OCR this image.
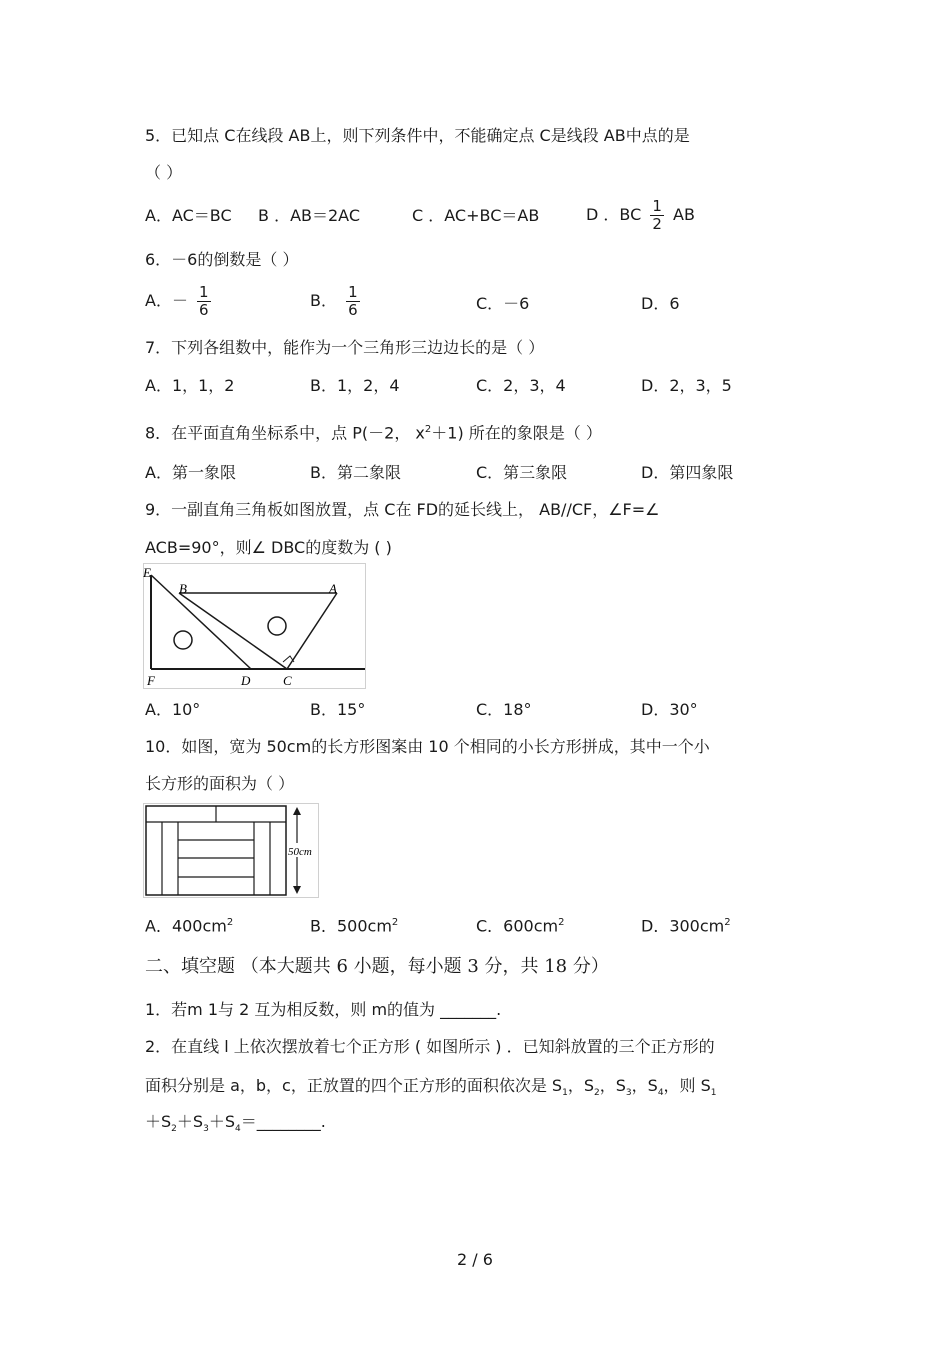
5．已知点 C在线段 AB上，则下列条件中，不能确定点 C是线段 AB中点的是
（ ）
A．AC＝BC B ．AB＝2AC	C ．AC+BC＝AB	D ．BC $\frac{1}{2}$ AB
6．－6的倒数是（ ）
A．－ $\frac{1}{6}$	B． $\frac{1}{6}$	C．－6	D．6
7．下列各组数中，能作为一个三角形三边边长的是（ ）
A．1，1，2	B．1，2，4	C．2，3，4	D．2，3，5
8．在平面直角坐标系中，点 P(－2， $x^2+1$) 所在的象限是（ ）
A．第一象限	B．第二象限	C．第三象限	D．第四象限
9．一副直角三角板如图放置，点 C在 FD的延长线上， AB//CF，∠F=∠
ACB=90°，则∠ DBC的度数为 ( )
E
B	A
F	D	C
A．10°	B．15°	C．18°	D．30°
10．如图，宽为 50cm的长方形图案由 10 个相同的小长方形拼成，其中一个小
长方形的面积为（ ）
50cm
A．$400cm^2$	B．$500cm^2$	C．$600cm^2$	D．$300cm^2$
二、填空题 （本大题共 6 小题，每小题 3 分，共 18 分）
1．若m 1与 2 互为相反数，则 m的值为 _______.
2．在直线 l 上依次摆放着七个正方形 ( 如图所示 ) ．已知斜放置的三个正方形的
面积分别是 a，b，c，正放置的四个正方形的面积依次是 $S_1$，$S_2$，$S_3$，$S_4$，则 $S_1$
$+S_2+S_3+S_4=\_\_\_\_\_\_\_\_$.
2 / 6
